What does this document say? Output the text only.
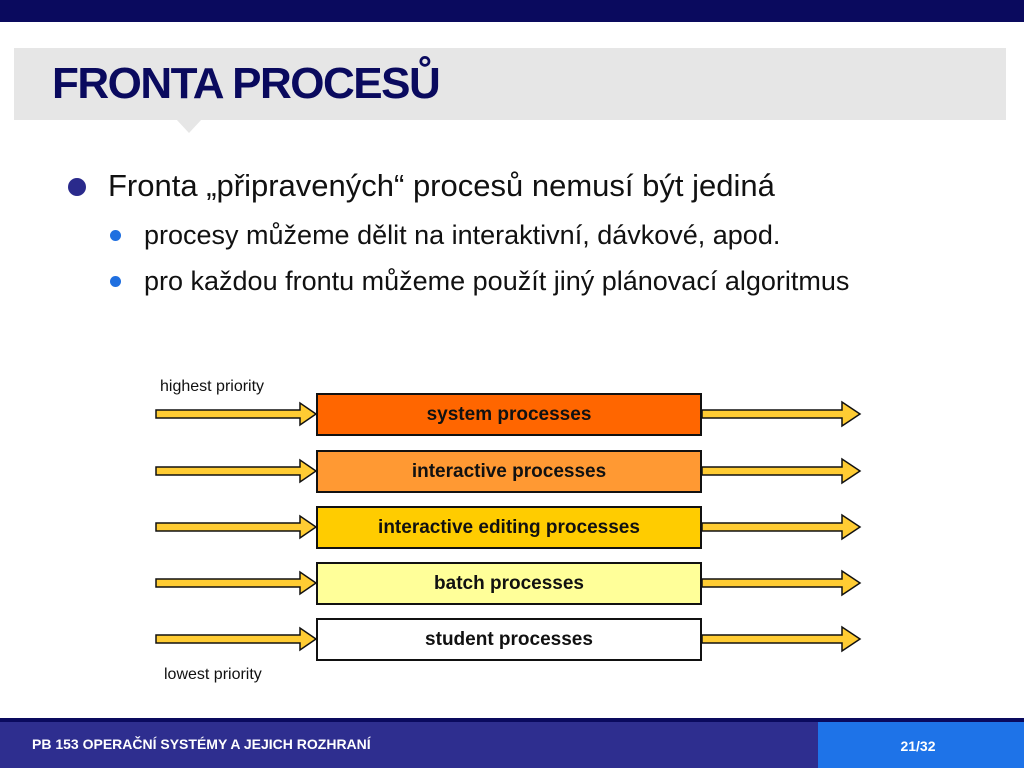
FRONTA PROCESŮ
Fronta „připravených“ procesů nemusí být jediná
procesy můžeme dělit na interaktivní, dávkové, apod.
pro každou frontu můžeme použít jiný plánovací algoritmus
highest priority
system processes
interactive processes
interactive editing processes
batch processes
student processes
lowest priority
PB 153 OPERAČNÍ SYSTÉMY A JEJICH ROZHRANÍ	21/32
